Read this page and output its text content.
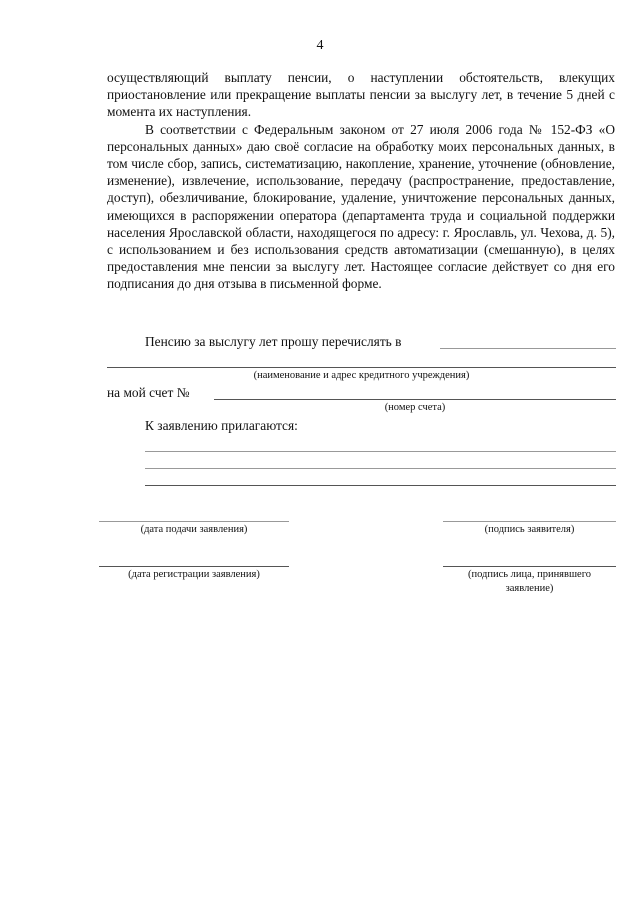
4

осуществляющий выплату пенсии, о наступлении обстоятельств, влекущих приостановление или прекращение выплаты пенсии за выслугу лет, в течение 5 дней с момента их наступления.

В соответствии с Федеральным законом от 27 июля 2006 года № 152-ФЗ «О персональных данных» даю своё согласие на обработку моих персональных данных, в том числе сбор, запись, систематизацию, накопление, хранение, уточнение (обновление, изменение), извлечение, использование, передачу (распространение, предоставление, доступ), обезличивание, блокирование, удаление, уничтожение персональных данных, имеющихся в распоряжении оператора (департамента труда и социальной поддержки населения Ярославской области, находящегося по адресу: г. Ярославль, ул. Чехова, д. 5), с использованием и без использования средств автоматизации (смешанную), в целях предоставления мне пенсии за выслугу лет. Настоящее согласие действует со дня его подписания до дня отзыва в письменной форме.

Пенсию за выслугу лет прошу перечислять в
(наименование и адрес кредитного учреждения)
на мой счет №
(номер счета)
К заявлению прилагаются:
(дата подачи заявления)	(подпись заявителя)
(дата регистрации заявления)	(подпись лица, принявшего заявление)
